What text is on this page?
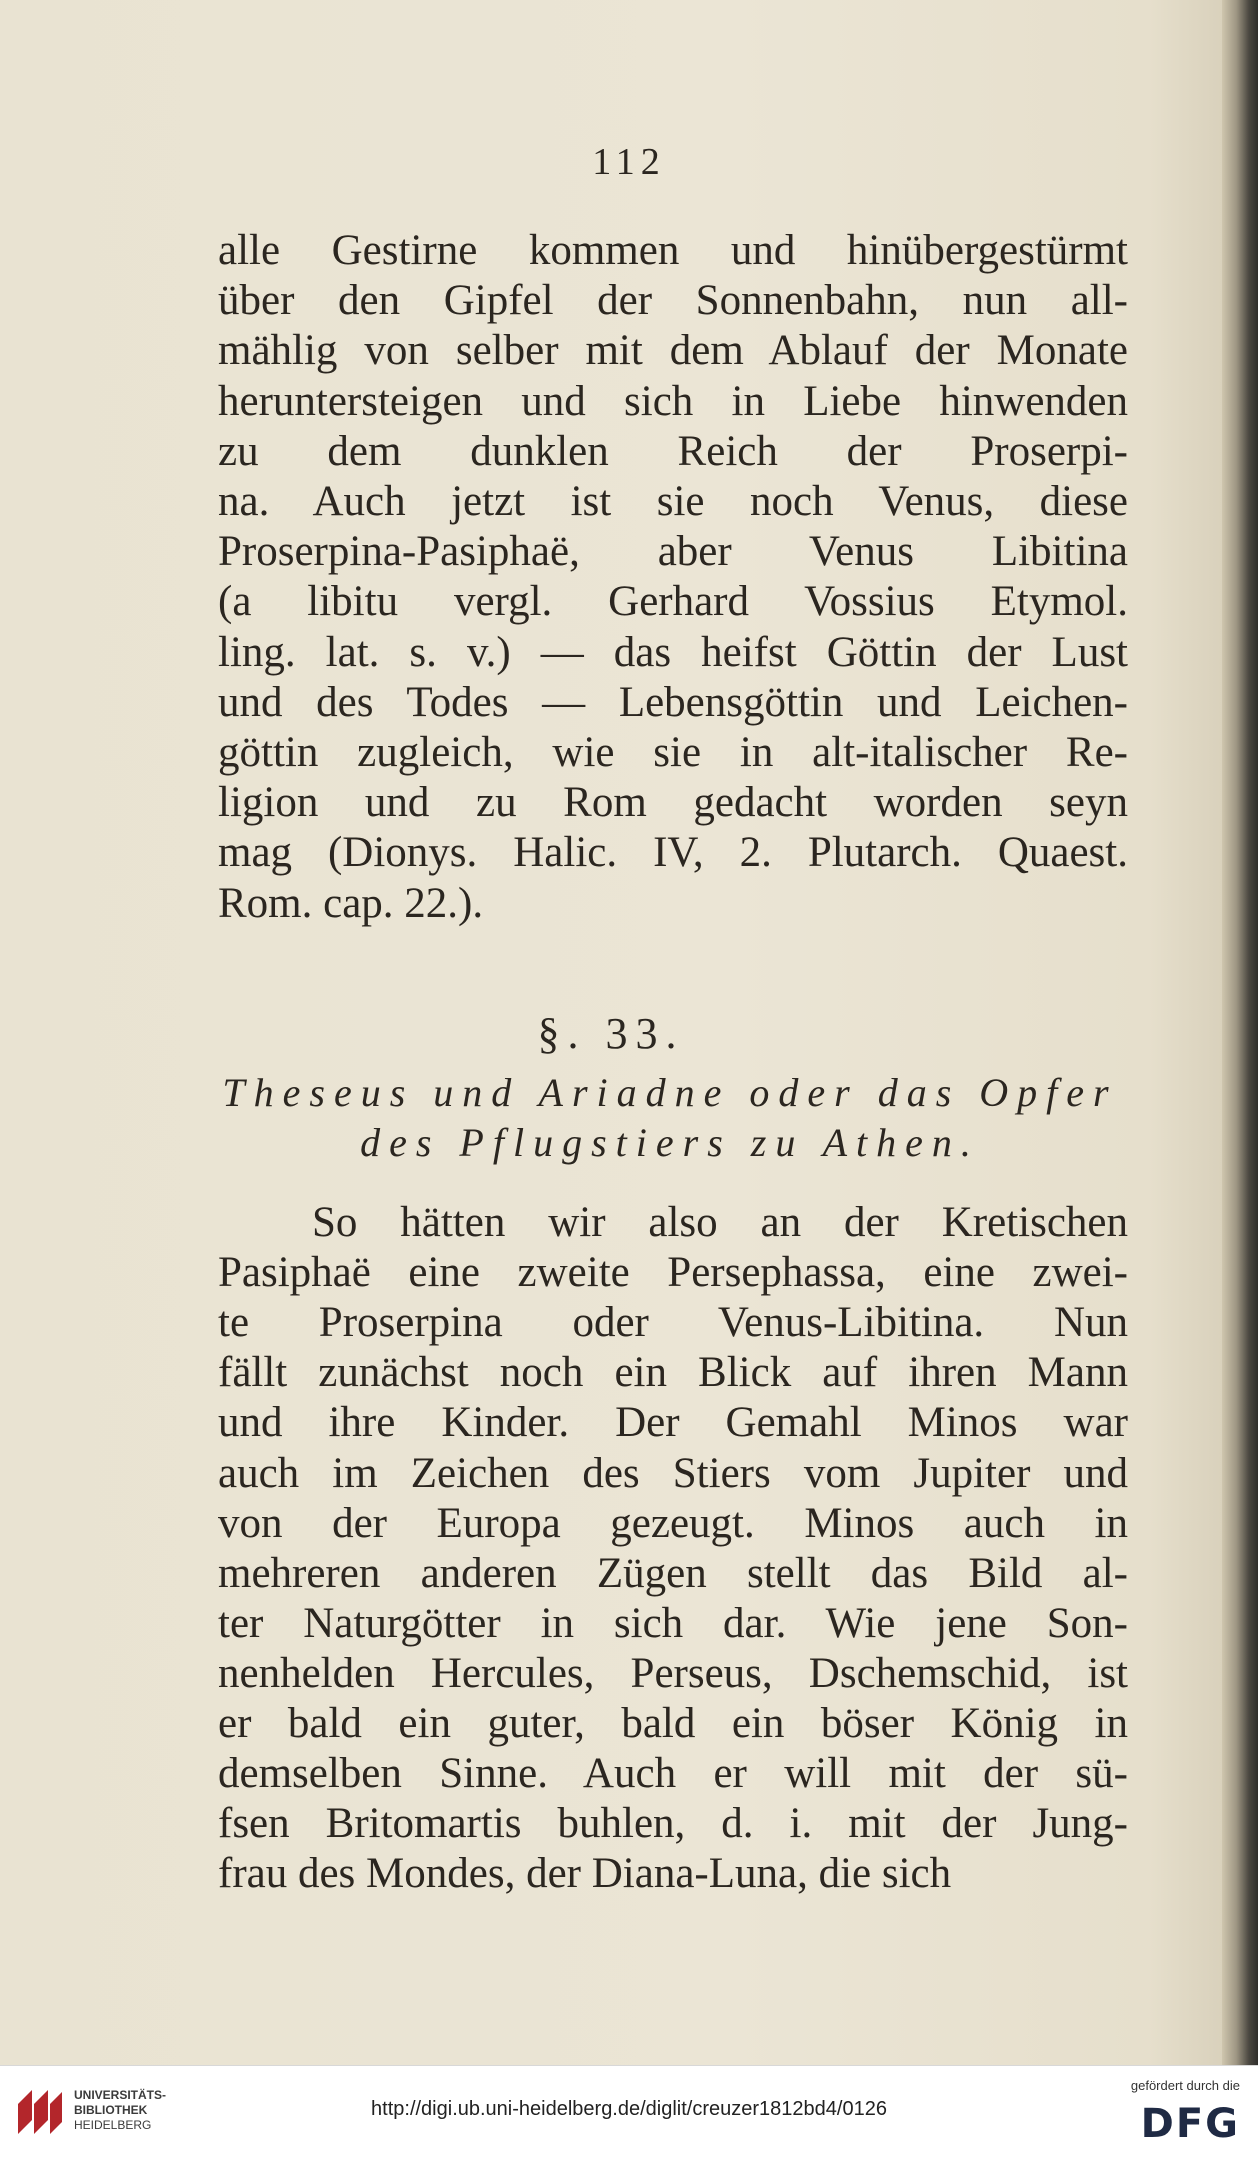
112
alle Gestirne kommen und hinübergestürmt
über den Gipfel der Sonnenbahn, nun all-
mählig von selber mit dem Ablauf der Monate
heruntersteigen und sich in Liebe hinwenden
zu dem dunklen Reich der Proserpi-
na. Auch jetzt ist sie noch Venus, diese
Proserpina-Pasiphaë, aber Venus Libitina
(a libitu vergl. Gerhard Vossius Etymol.
ling. lat. s. v.) — das heifst Göttin der Lust
und des Todes — Lebensgöttin und Leichen-
göttin zugleich, wie sie in alt-italischer Re-
ligion und zu Rom gedacht worden seyn
mag (Dionys. Halic. IV, 2. Plutarch. Quaest.
Rom. cap. 22.).
§. 33.
Theseus und Ariadne oder das Opfer
des Pflugstiers zu Athen.
So hätten wir also an der Kretischen
Pasiphaë eine zweite Persephassa, eine zwei-
te Proserpina oder Venus-Libitina. Nun
fällt zunächst noch ein Blick auf ihren Mann
und ihre Kinder. Der Gemahl Minos war
auch im Zeichen des Stiers vom Jupiter und
von der Europa gezeugt. Minos auch in
mehreren anderen Zügen stellt das Bild al-
ter Naturgötter in sich dar. Wie jene Son-
nenhelden Hercules, Perseus, Dschemschid, ist
er bald ein guter, bald ein böser König in
demselben Sinne. Auch er will mit der sü-
fsen Britomartis buhlen, d. i. mit der Jung-
frau des Mondes, der Diana-Luna, die sich
UNIVERSITÄTS-
BIBLIOTHEK
HEIDELBERG
http://digi.ub.uni-heidelberg.de/diglit/creuzer1812bd4/0126
gefördert durch die
DFG
